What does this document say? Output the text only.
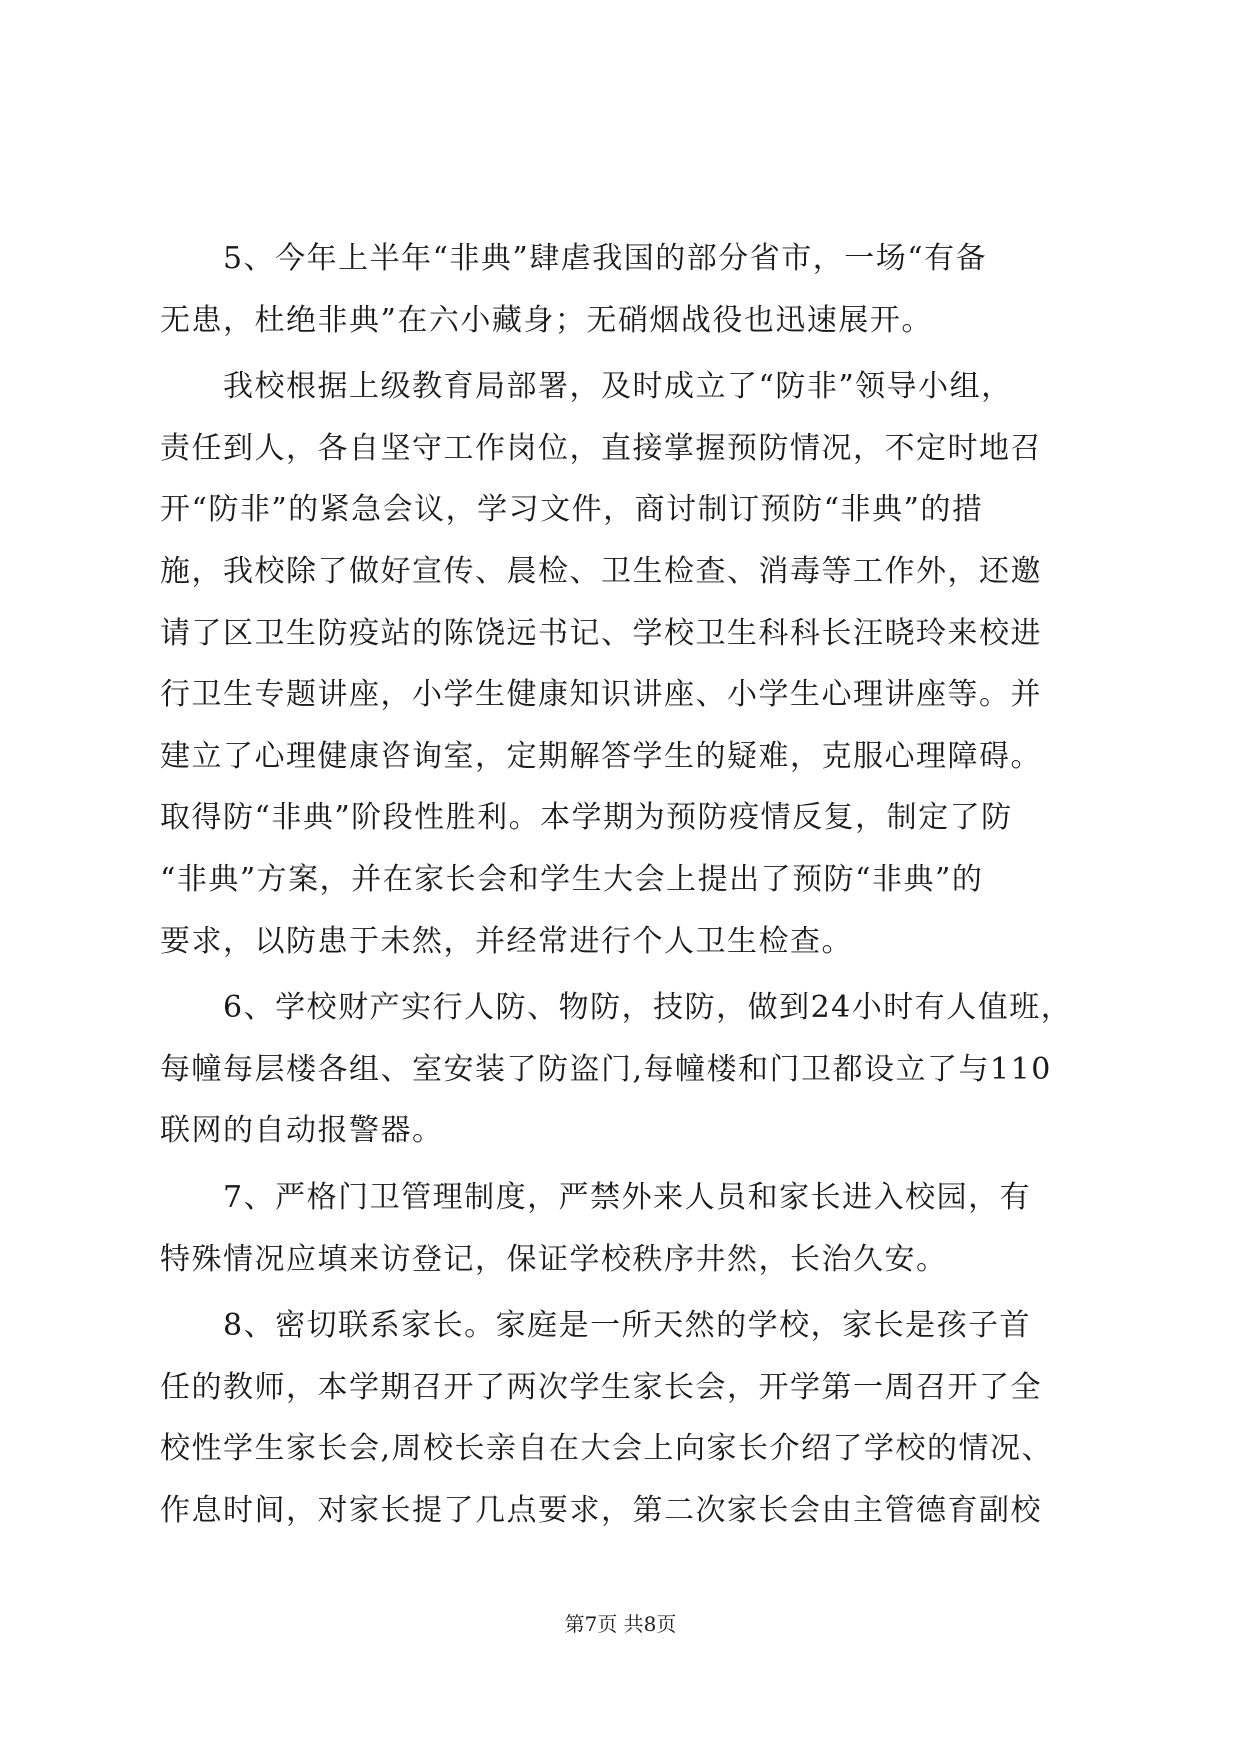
　　5、今年上半年“非典”肆虐我国的部分省市，一场“有备
无患，杜绝非典”在六小藏身；无硝烟战役也迅速展开。
　　我校根据上级教育局部署，及时成立了“防非”领导小组，
责任到人，各自坚守工作岗位，直接掌握预防情况，不定时地召
开“防非”的紧急会议，学习文件，商讨制订预防“非典”的措
施，我校除了做好宣传、晨检、卫生检查、消毒等工作外，还邀
请了区卫生防疫站的陈饶远书记、学校卫生科科长汪晓玲来校进
行卫生专题讲座，小学生健康知识讲座、小学生心理讲座等。并
建立了心理健康咨询室，定期解答学生的疑难，克服心理障碍。
取得防“非典”阶段性胜利。本学期为预防疫情反复，制定了防
“非典”方案，并在家长会和学生大会上提出了预防“非典”的
要求，以防患于未然，并经常进行个人卫生检查。
　　6、学校财产实行人防、物防，技防，做到24小时有人值班，
每幢每层楼各组、室安装了防盗门,每幢楼和门卫都设立了与110
联网的自动报警器。
　　7、严格门卫管理制度，严禁外来人员和家长进入校园，有
特殊情况应填来访登记，保证学校秩序井然，长治久安。
　　8、密切联系家长。家庭是一所天然的学校，家长是孩子首
任的教师，本学期召开了两次学生家长会，开学第一周召开了全
校性学生家长会,周校长亲自在大会上向家长介绍了学校的情况、
作息时间，对家长提了几点要求，第二次家长会由主管德育副校
第7页 共8页
